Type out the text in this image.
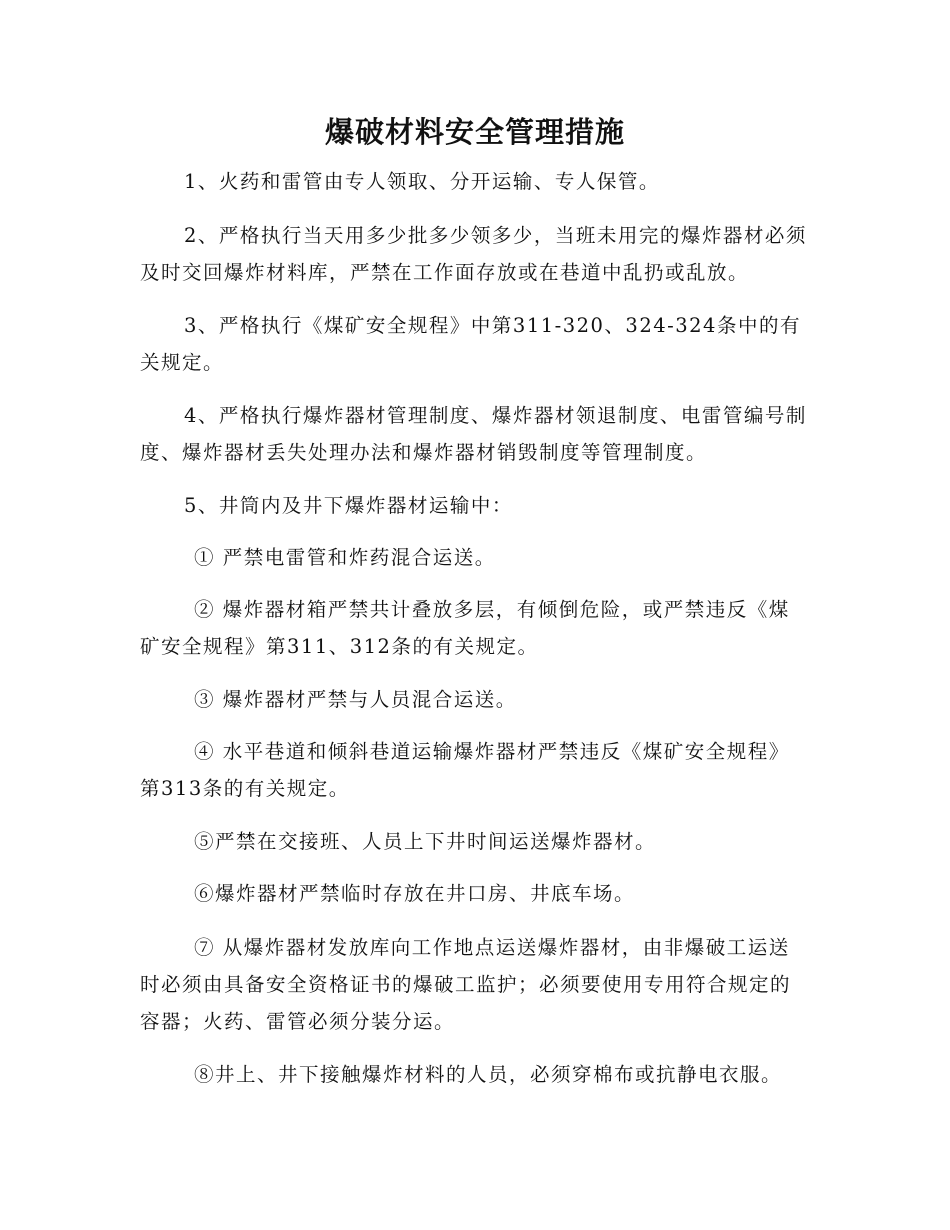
爆破材料安全管理措施

1、火药和雷管由专人领取、分开运输、专人保管。

2、严格执行当天用多少批多少领多少，当班未用完的爆炸器材必须及时交回爆炸材料库，严禁在工作面存放或在巷道中乱扔或乱放。

3、严格执行《煤矿安全规程》中第311-320、324-324条中的有关规定。

4、严格执行爆炸器材管理制度、爆炸器材领退制度、电雷管编号制度、爆炸器材丢失处理办法和爆炸器材销毁制度等管理制度。

5、井筒内及井下爆炸器材运输中：

① 严禁电雷管和炸药混合运送。

② 爆炸器材箱严禁共计叠放多层，有倾倒危险，或严禁违反《煤矿安全规程》第311、312条的有关规定。

③ 爆炸器材严禁与人员混合运送。

④ 水平巷道和倾斜巷道运输爆炸器材严禁违反《煤矿安全规程》第313条的有关规定。

⑤严禁在交接班、人员上下井时间运送爆炸器材。

⑥爆炸器材严禁临时存放在井口房、井底车场。

⑦ 从爆炸器材发放库向工作地点运送爆炸器材，由非爆破工运送时必须由具备安全资格证书的爆破工监护；必须要使用专用符合规定的容器；火药、雷管必须分装分运。

⑧井上、井下接触爆炸材料的人员，必须穿棉布或抗静电衣服。
